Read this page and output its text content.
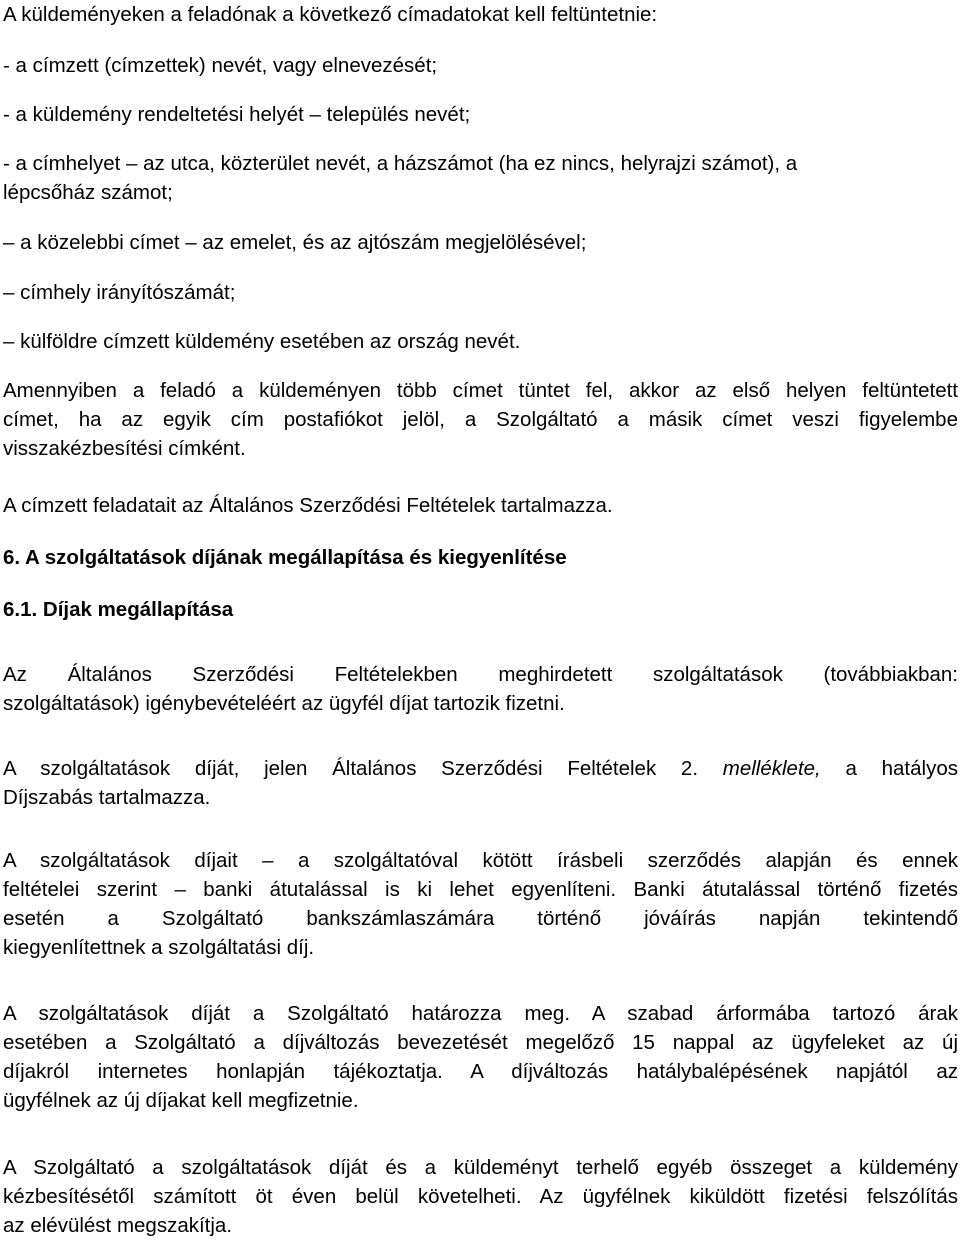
A küldeményeken a feladónak a következő címadatokat kell feltüntetnie:
- a címzett (címzettek) nevét, vagy elnevezését;
- a küldemény rendeltetési helyét – település nevét;
- a címhelyet – az utca, közterület nevét, a házszámot (ha ez nincs, helyrajzi számot), a
lépcsőház számot;
– a közelebbi címet – az emelet, és az ajtószám megjelölésével;
– címhely irányítószámát;
– külföldre címzett küldemény esetében az ország nevét.
Amennyiben a feladó a küldeményen több címet tüntet fel, akkor az első helyen feltüntetett
címet, ha az egyik cím postafiókot jelöl, a Szolgáltató a másik címet veszi figyelembe
visszakézbesítési címként.
A címzett feladatait az Általános Szerződési Feltételek tartalmazza.
6. A szolgáltatások díjának megállapítása és kiegyenlítése
6.1. Díjak megállapítása
Az Általános Szerződési Feltételekben meghirdetett szolgáltatások (továbbiakban:
szolgáltatások) igénybevételéért az ügyfél díjat tartozik fizetni.
A szolgáltatások díját, jelen Általános Szerződési Feltételek 2. melléklete, a hatályos
Díjszabás tartalmazza.
A szolgáltatások díjait – a szolgáltatóval kötött írásbeli szerződés alapján és ennek
feltételei szerint – banki átutalással is ki lehet egyenlíteni. Banki átutalással történő fizetés
esetén a Szolgáltató bankszámlaszámára történő jóváírás napján tekintendő
kiegyenlítettnek a szolgáltatási díj.
A szolgáltatások díját a Szolgáltató határozza meg. A szabad árformába tartozó árak
esetében a Szolgáltató a díjváltozás bevezetését megelőző 15 nappal az ügyfeleket az új
díjakról internetes honlapján tájékoztatja. A díjváltozás hatálybalépésének napjától az
ügyfélnek az új díjakat kell megfizetnie.
A Szolgáltató a szolgáltatások díját és a küldeményt terhelő egyéb összeget a küldemény
kézbesítésétől számított öt éven belül követelheti. Az ügyfélnek kiküldött fizetési felszólítás
az elévülést megszakítja.
